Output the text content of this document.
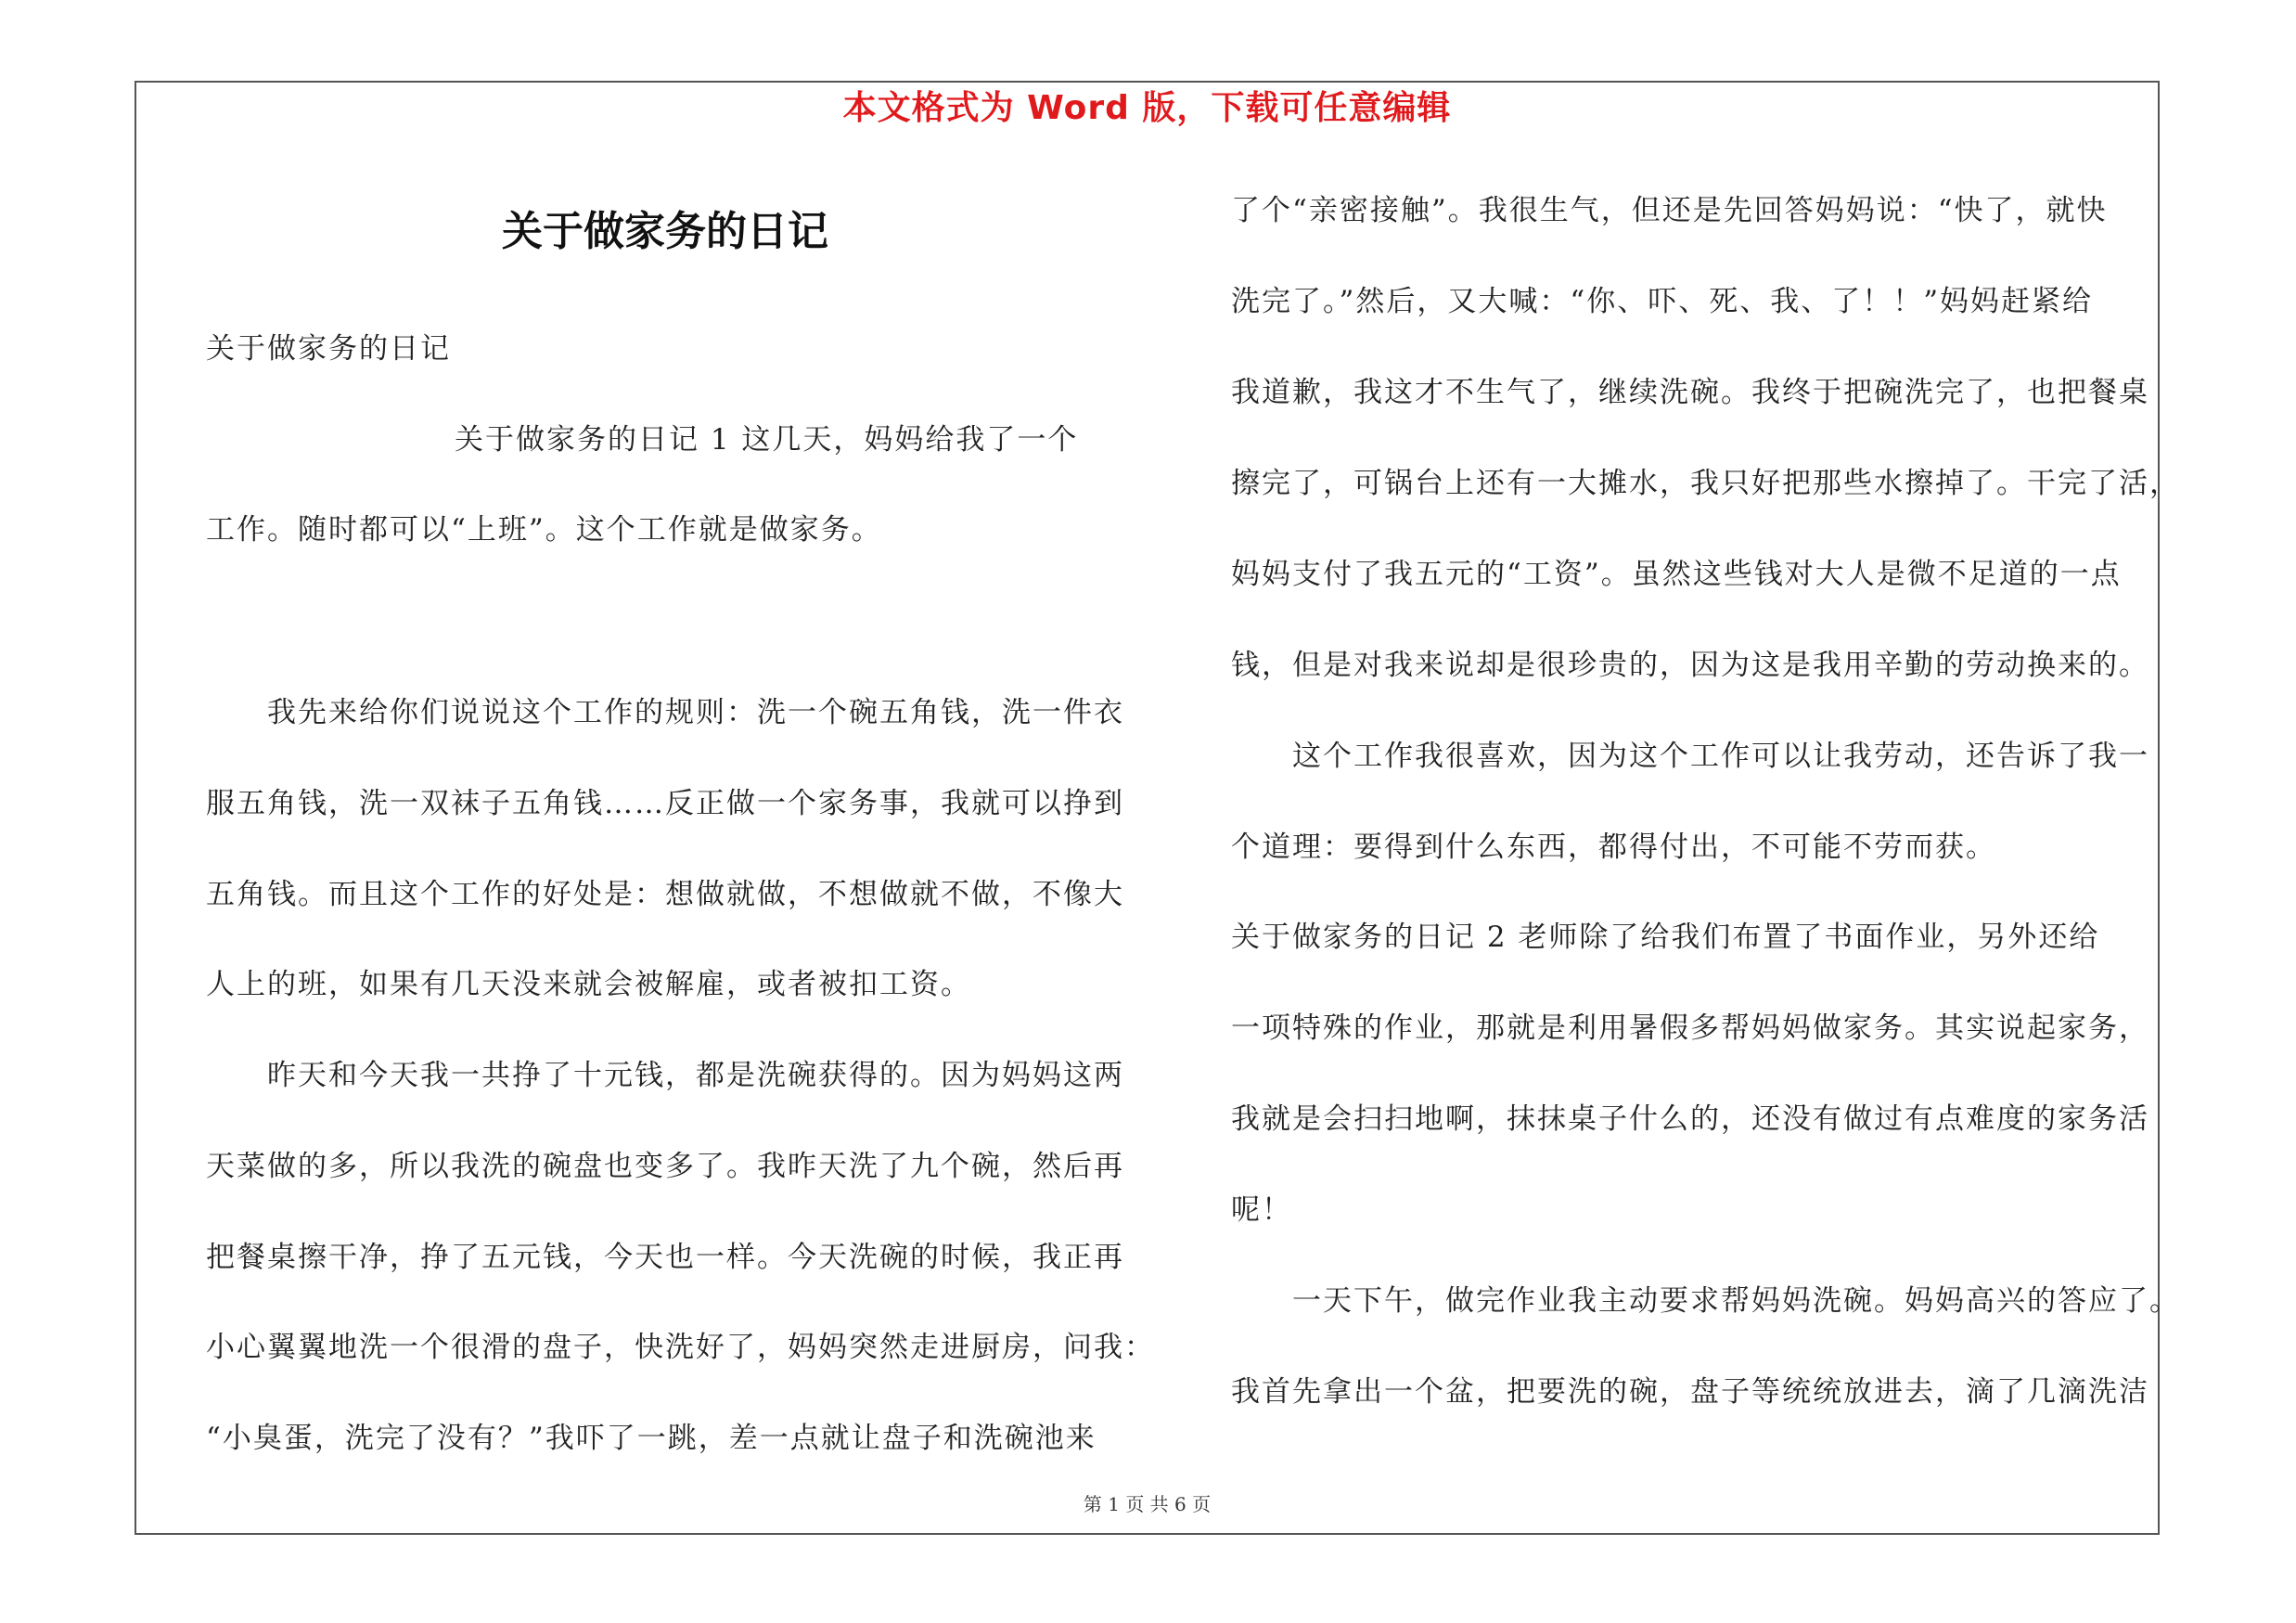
本文格式为 Word 版，下载可任意编辑
关于做家务的日记
关于做家务的日记
关于做家务的日记 1 这几天，妈妈给我了一个
工作。随时都可以“上班”。这个工作就是做家务。
我先来给你们说说这个工作的规则：洗一个碗五角钱，洗一件衣
服五角钱，洗一双袜子五角钱……反正做一个家务事，我就可以挣到
五角钱。而且这个工作的好处是：想做就做，不想做就不做，不像大
人上的班，如果有几天没来就会被解雇，或者被扣工资。
昨天和今天我一共挣了十元钱，都是洗碗获得的。因为妈妈这两
天菜做的多，所以我洗的碗盘也变多了。我昨天洗了九个碗，然后再
把餐桌擦干净，挣了五元钱，今天也一样。今天洗碗的时候，我正再
小心翼翼地洗一个很滑的盘子，快洗好了，妈妈突然走进厨房，问我：
“小臭蛋，洗完了没有？”我吓了一跳，差一点就让盘子和洗碗池来
了个“亲密接触”。我很生气，但还是先回答妈妈说：“快了，就快
洗完了。”然后，又大喊：“你、吓、死、我、了！！”妈妈赶紧给
我道歉，我这才不生气了，继续洗碗。我终于把碗洗完了，也把餐桌
擦完了，可锅台上还有一大摊水，我只好把那些水擦掉了。干完了活，
妈妈支付了我五元的“工资”。虽然这些钱对大人是微不足道的一点
钱，但是对我来说却是很珍贵的，因为这是我用辛勤的劳动换来的。
这个工作我很喜欢，因为这个工作可以让我劳动，还告诉了我一
个道理：要得到什么东西，都得付出，不可能不劳而获。
关于做家务的日记 2 老师除了给我们布置了书面作业，另外还给
一项特殊的作业，那就是利用暑假多帮妈妈做家务。其实说起家务，
我就是会扫扫地啊，抹抹桌子什么的，还没有做过有点难度的家务活
呢！
一天下午，做完作业我主动要求帮妈妈洗碗。妈妈高兴的答应了。
我首先拿出一个盆，把要洗的碗，盘子等统统放进去，滴了几滴洗洁
第 1 页 共 6 页
